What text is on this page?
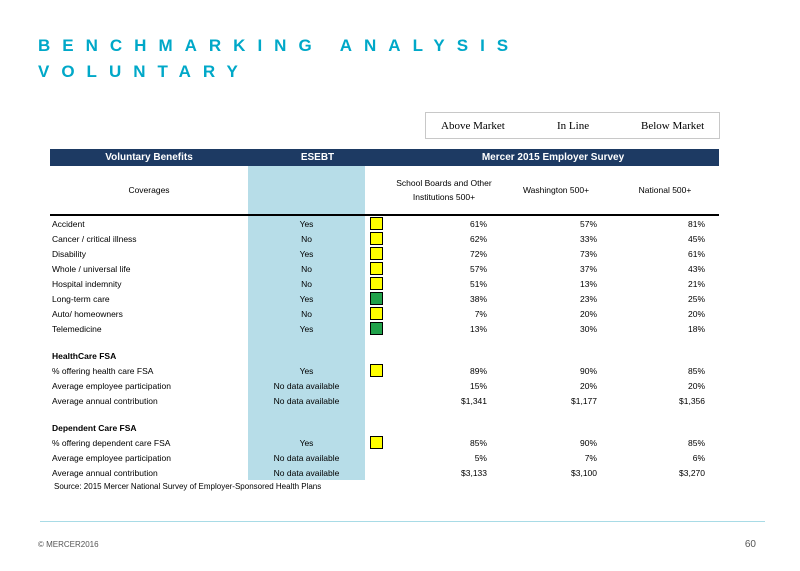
BENCHMARKING ANALYSIS
VOLUNTARY
Above Market	In Line	Below Market
Voluntary Benefits	ESEBT		Mercer 2015 Employer Survey		
Coverages			School Boards and Other Institutions 500+	Washington 500+	National 500+
Accident	Yes		61%	57%	81%
Cancer / critical illness	No		62%	33%	45%
Disability	Yes		72%	73%	61%
Whole / universal life	No		57%	37%	43%
Hospital indemnity	No		51%	13%	21%
Long-term care	Yes		38%	23%	25%
Auto/ homeowners	No		7%	20%	20%
Telemedicine	Yes		13%	30%	18%

HealthCare FSA					
% offering health care FSA	Yes		89%	90%	85%
Average employee participation	No data available		15%	20%	20%
Average annual contribution	No data available		$1,341	$1,177	$1,356

Dependent Care FSA					
% offering dependent care FSA	Yes		85%	90%	85%
Average employee participation	No data available		5%	7%	6%
Average annual contribution	No data available		$3,133	$3,100	$3,270
Source: 2015 Mercer National Survey of Employer-Sponsored Health Plans
© MERCER2016	60
